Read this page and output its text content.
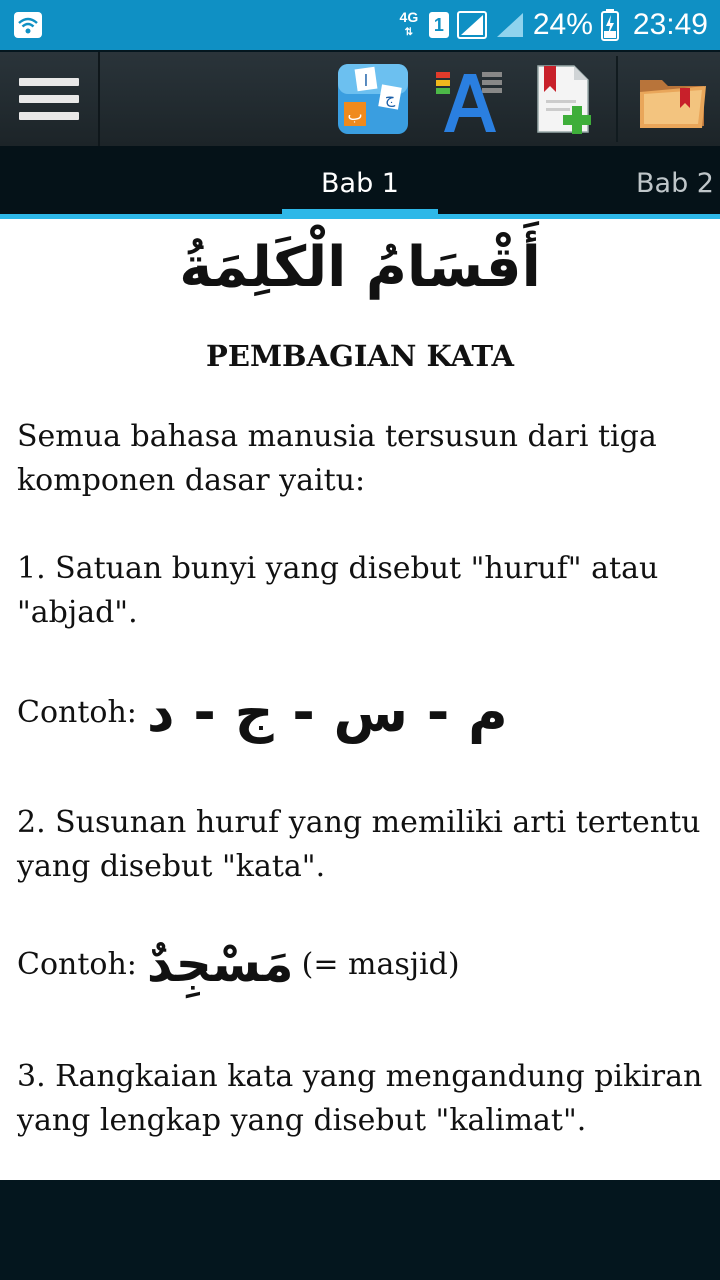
4G
⇅	1	24% 23:49
ا
ج
ب
Bab 1	Bab 2
أَقْسَامُ الْكَلِمَةُ
PEMBAGIAN KATA
Semua bahasa manusia tersusun dari tiga komponen dasar yaitu:
1. Satuan bunyi yang disebut "huruf" atau "abjad".
Contoh: م - س - ج - د
2. Susunan huruf yang memiliki arti tertentu yang disebut "kata".
Contoh: مَسْجِدٌ (= masjid)
3. Rangkaian kata yang mengandung pikiran yang lengkap yang disebut "kalimat".
